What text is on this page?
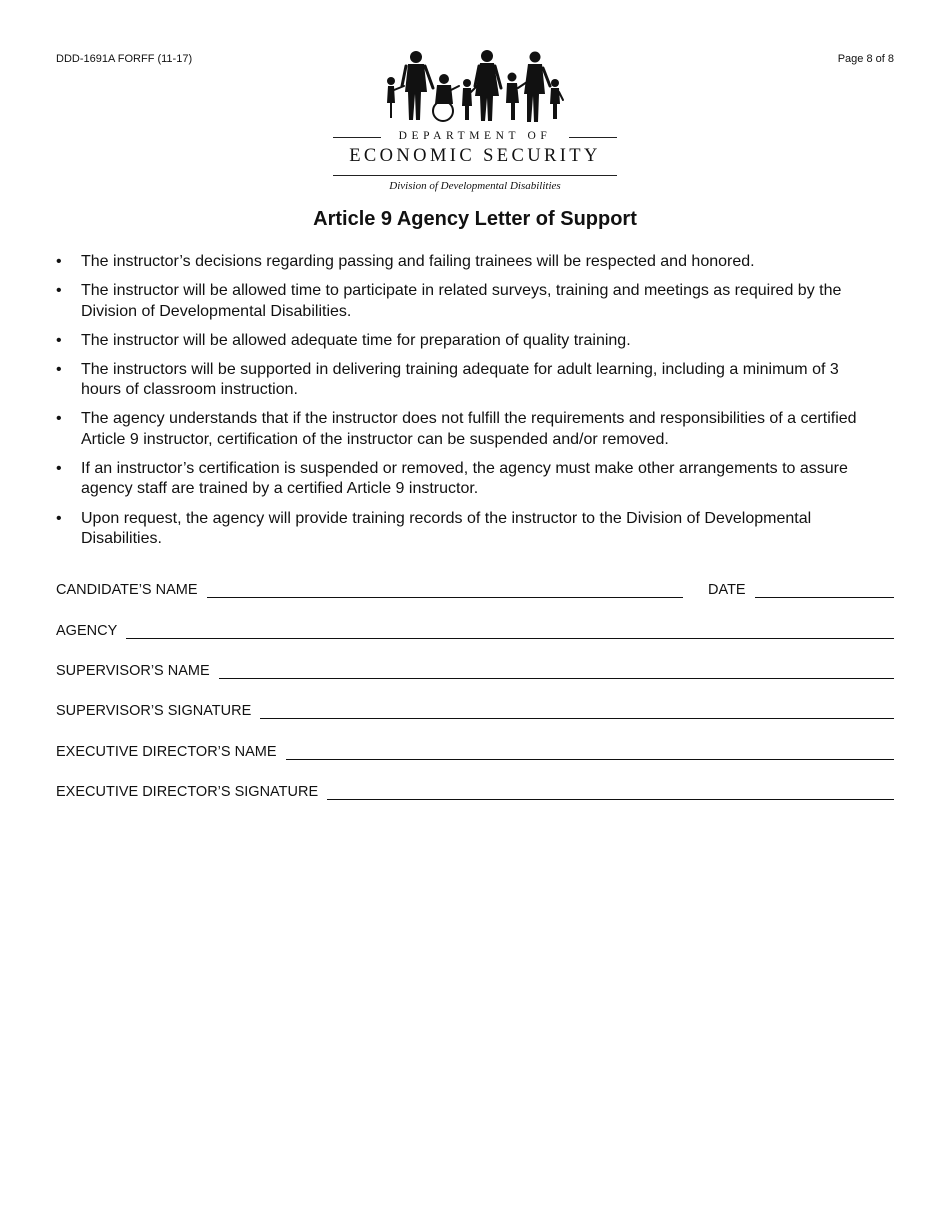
DDD-1691A FORFF (11-17)	Page 8 of 8
DEPARTMENT OF
ECONOMIC SECURITY
Division of Developmental Disabilities
Article 9 Agency Letter of Support
• The instructor’s decisions regarding passing and failing trainees will be respected and honored.
• The instructor will be allowed time to participate in related surveys, training and meetings as required by the Division of Developmental Disabilities.
• The instructor will be allowed adequate time for preparation of quality training.
• The instructors will be supported in delivering training adequate for adult learning, including a minimum of 3 hours of classroom instruction.
• The agency understands that if the instructor does not fulfill the requirements and responsibilities of a certified Article 9 instructor, certification of the instructor can be suspended and/or removed.
• If an instructor’s certification is suspended or removed, the agency must make other arrangements to assure agency staff are trained by a certified Article 9 instructor.
• Upon request, the agency will provide training records of the instructor to the Division of Developmental Disabilities.
CANDIDATE’S NAME	DATE
AGENCY
SUPERVISOR’S NAME
SUPERVISOR’S SIGNATURE
EXECUTIVE DIRECTOR’S NAME
EXECUTIVE DIRECTOR’S SIGNATURE
